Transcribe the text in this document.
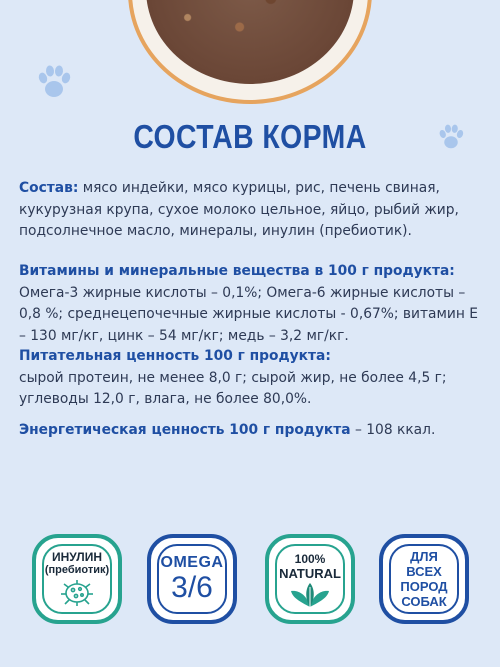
СОСТАВ КОРМА
Состав: мясо индейки, мясо курицы, рис, печень свиная, кукурузная крупа, сухое молоко цельное, яйцо, рыбий жир, подсолнечное масло, минералы, инулин (пребиотик).
Витамины и минеральные вещества в 100 г продукта:
Омега-3 жирные кислоты – 0,1%; Омега-6 жирные кислоты – 0,8 %; среднецепочечные жирные кислоты - 0,67%; витамин Е – 130 мг/кг, цинк – 54 мг/кг; медь – 3,2 мг/кг.
Питательная ценность 100 г продукта:
сырой протеин, не менее 8,0 г; сырой жир, не более 4,5 г; углеводы 12,0 г, влага, не более 80,0%.
Энергетическая ценность 100 г продукта – 108 ккал.
ИНУЛИН
(пребиотик)	OMEGA
3/6
100%
NATURAL
ДЛЯ
ВСЕХ
ПОРОД
СОБАК
